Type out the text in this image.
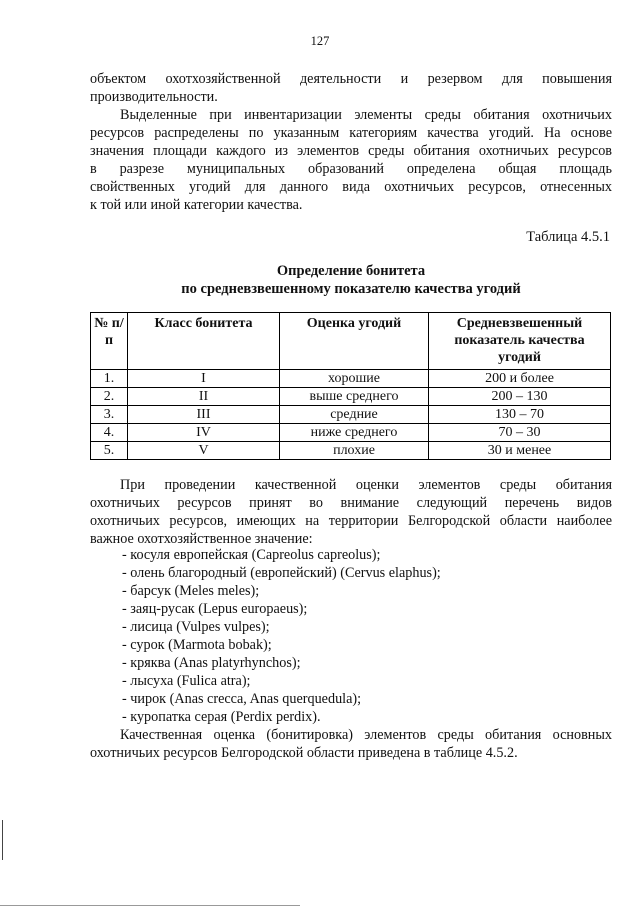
127
объектом охотхозяйственной деятельности и резервом для повышения
производительности.
Выделенные при инвентаризации элементы среды обитания охотничьих
ресурсов распределены по указанным категориям качества угодий. На основе
значения площади каждого из элементов среды обитания охотничьих ресурсов
в разрезе муниципальных образований определена общая площадь
свойственных угодий для данного вида охотничьих ресурсов, отнесенных
к той или иной категории качества.
Таблица 4.5.1
Определение бонитета
по средневзвешенному показателю качества угодий
№ п/п	Класс бонитета	Оценка угодий	Средневзвешенный показатель качества угодий
1.	I	хорошие	200 и более
2.	II	выше среднего	200 – 130
3.	III	средние	130 – 70
4.	IV	ниже среднего	70 – 30
5.	V	плохие	30 и менее
При проведении качественной оценки элементов среды обитания
охотничьих ресурсов принят во внимание следующий перечень видов
охотничьих ресурсов, имеющих на территории Белгородской области наиболее
важное охотхозяйственное значение:
- косуля европейская (Capreolus capreolus);
- олень благородный (европейский) (Cervus elaphus);
- барсук (Meles meles);
- заяц-русак (Lepus europaeus);
- лисица (Vulpes vulpes);
- сурок (Marmota bobak);
- кряква (Anas platyrhynchos);
- лысуха (Fulica atra);
- чирок (Anas crecca, Anas querquedula);
- куропатка серая (Perdix perdix).
Качественная оценка (бонитировка) элементов среды обитания основных
охотничьих ресурсов Белгородской области приведена в таблице 4.5.2.
